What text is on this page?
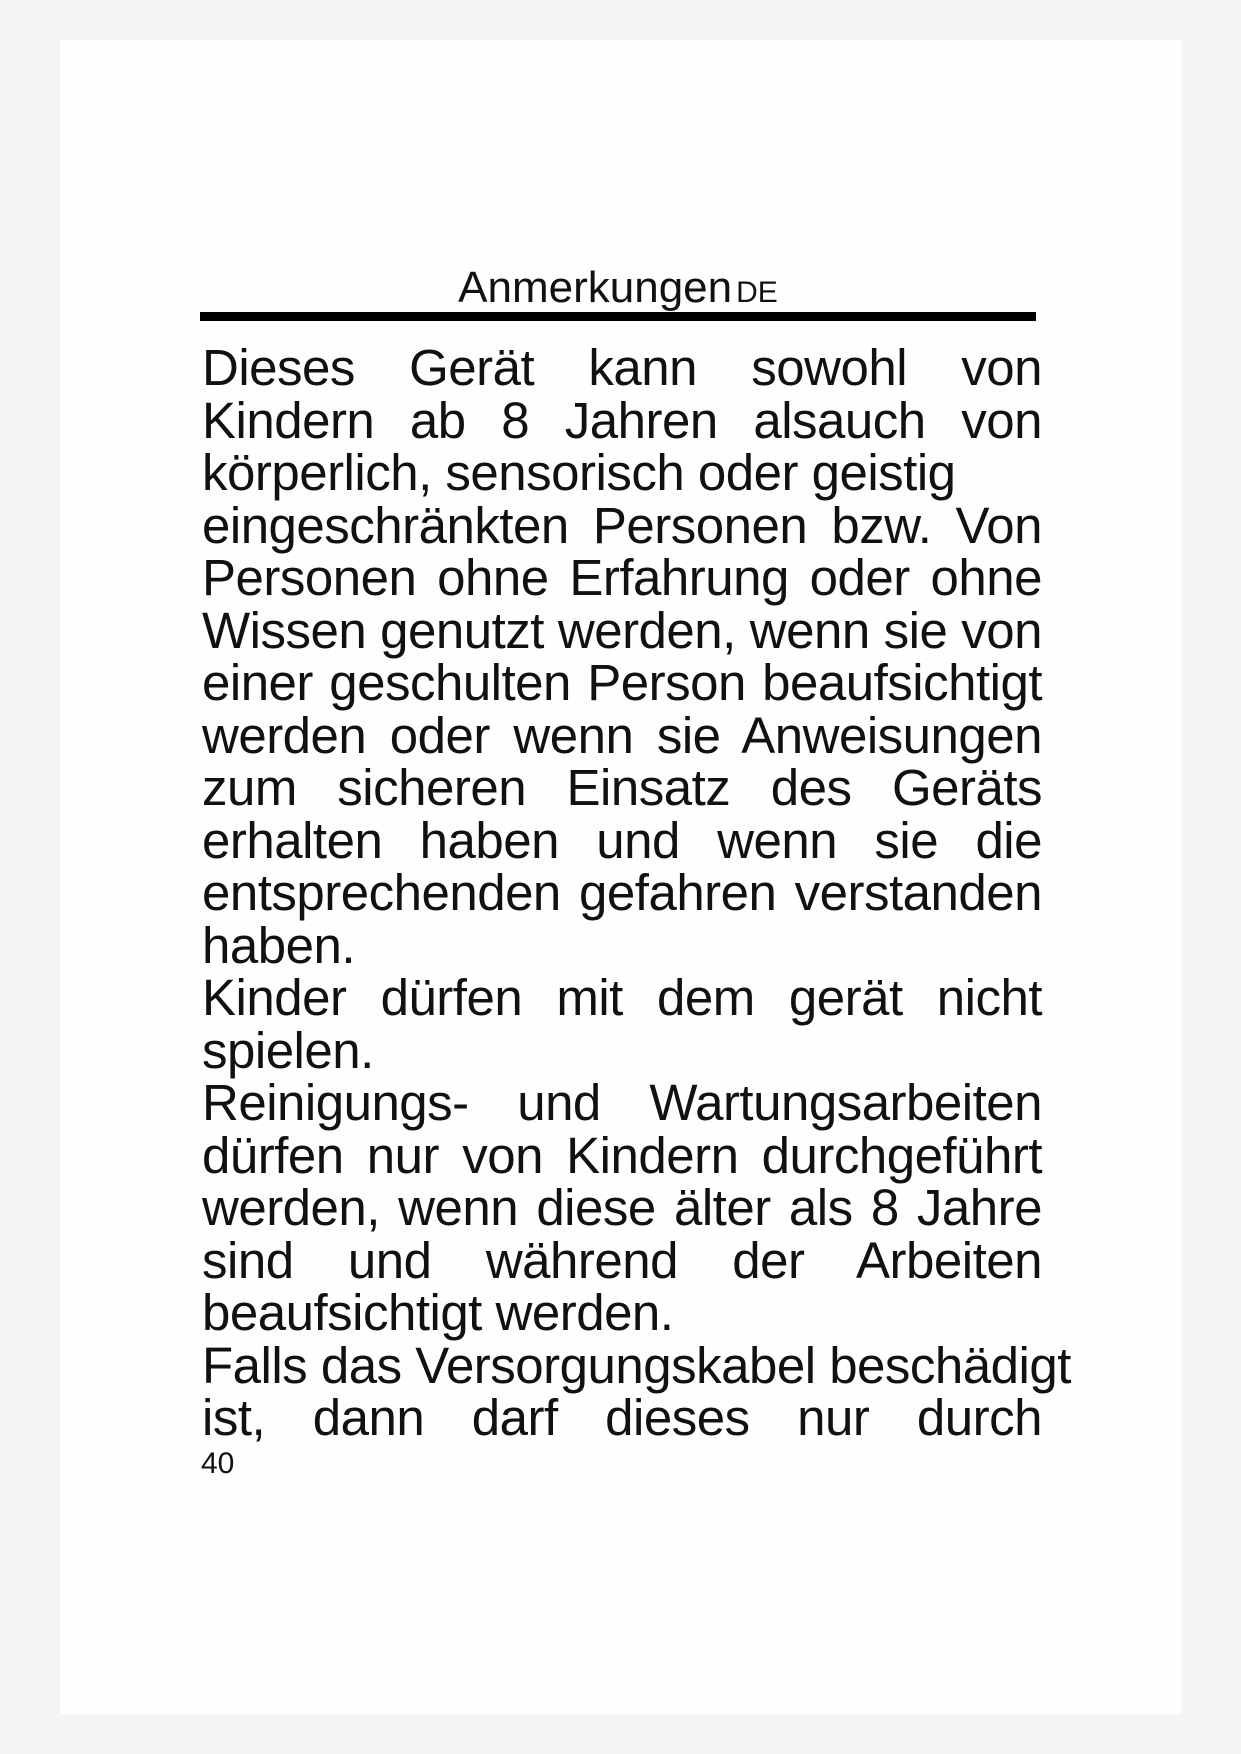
Anmerkungen DE
Dieses Gerät kann sowohl von
Kindern ab 8 Jahren alsauch von
körperlich, sensorisch oder geistig
eingeschränkten Personen bzw. Von
Personen ohne Erfahrung oder ohne
Wissen genutzt werden, wenn sie von
einer geschulten Person beaufsichtigt
werden oder wenn sie Anweisungen
zum sicheren Einsatz des Geräts
erhalten haben und wenn sie die
entsprechenden gefahren verstanden
haben.
Kinder dürfen mit dem gerät nicht
spielen.
Reinigungs- und Wartungsarbeiten
dürfen nur von Kindern durchgeführt
werden, wenn diese älter als 8 Jahre
sind und während der Arbeiten
beaufsichtigt werden.
Falls das Versorgungskabel beschädigt
ist, dann darf dieses nur durch
40
